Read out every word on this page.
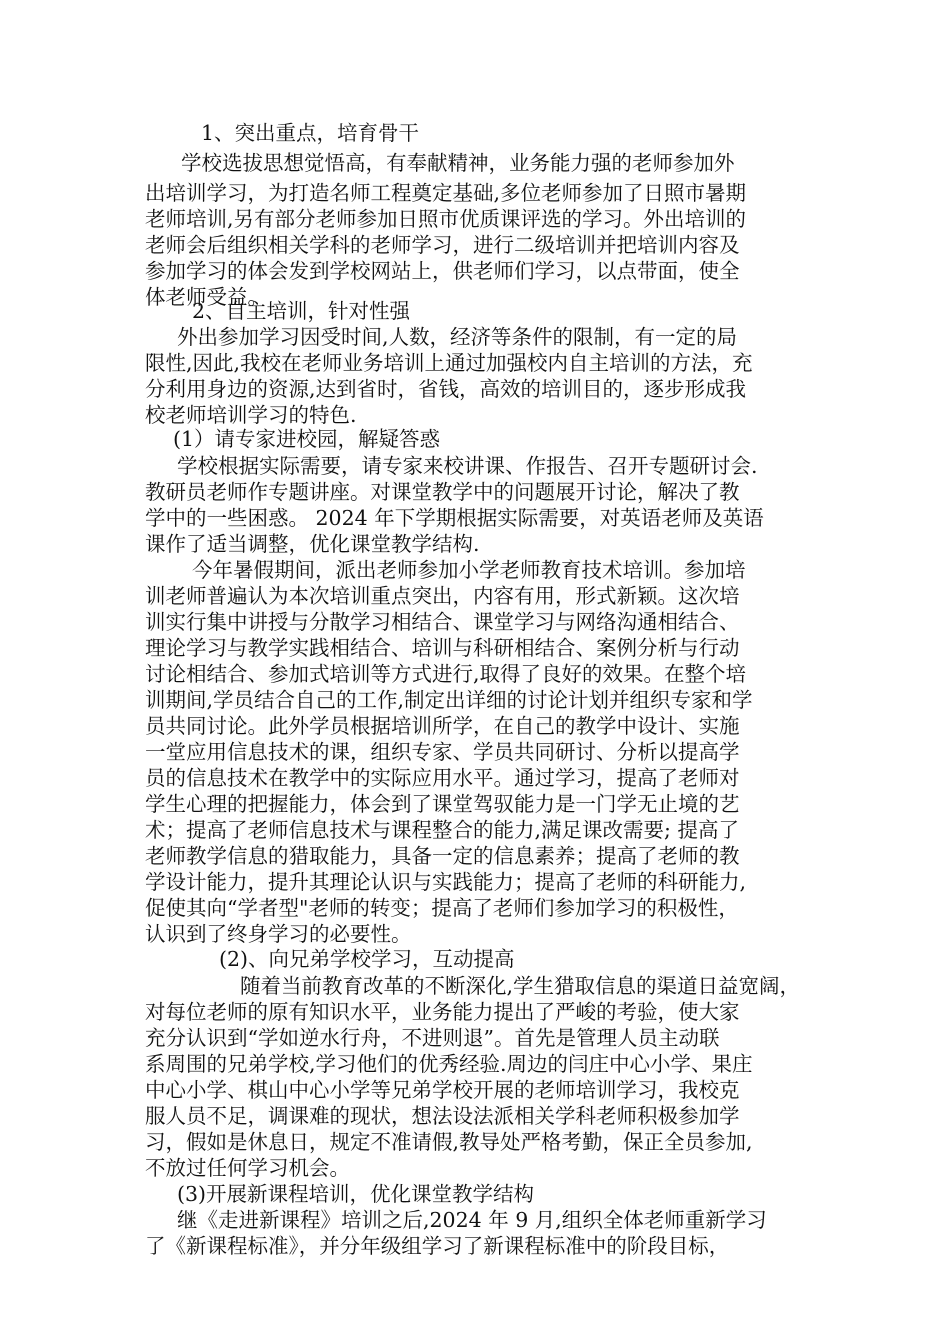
1、突出重点，培育骨干
学校选拔思想觉悟高，有奉献精神，业务能力强的老师参加外
出培训学习，为打造名师工程奠定基础,多位老师参加了日照市暑期
老师培训,另有部分老师参加日照市优质课评选的学习。外出培训的
老师会后组织相关学科的老师学习，进行二级培训并把培训内容及
参加学习的体会发到学校网站上，供老师们学习，以点带面，使全
体老师受益。
2、自主培训，针对性强
外出参加学习因受时间,人数，经济等条件的限制，有一定的局
限性,因此,我校在老师业务培训上通过加强校内自主培训的方法，充
分利用身边的资源,达到省时，省钱，高效的培训目的，逐步形成我
校老师培训学习的特色.
(1）请专家进校园，解疑答惑
学校根据实际需要，请专家来校讲课、作报告、召开专题研讨会.
教研员老师作专题讲座。对课堂教学中的问题展开讨论，解决了教
学中的一些困惑。 2024 年下学期根据实际需要，对英语老师及英语
课作了适当调整，优化课堂教学结构.
今年暑假期间，派出老师参加小学老师教育技术培训。参加培
训老师普遍认为本次培训重点突出，内容有用，形式新颖。这次培
训实行集中讲授与分散学习相结合、课堂学习与网络沟通相结合、
理论学习与教学实践相结合、培训与科研相结合、案例分析与行动
讨论相结合、参加式培训等方式进行,取得了良好的效果。在整个培
训期间,学员结合自己的工作,制定出详细的讨论计划并组织专家和学
员共同讨论。此外学员根据培训所学，在自己的教学中设计、实施
一堂应用信息技术的课，组织专家、学员共同研讨、分析以提高学
员的信息技术在教学中的实际应用水平。通过学习，提高了老师对
学生心理的把握能力，体会到了课堂驾驭能力是一门学无止境的艺
术；提高了老师信息技术与课程整合的能力,满足课改需要; 提高了
老师教学信息的猎取能力，具备一定的信息素养；提高了老师的教
学设计能力，提升其理论认识与实践能力；提高了老师的科研能力,
促使其向“学者型"老师的转变；提高了老师们参加学习的积极性，
认识到了终身学习的必要性。
(2)、向兄弟学校学习，互动提高
随着当前教育改革的不断深化,学生猎取信息的渠道日益宽阔，
对每位老师的原有知识水平，业务能力提出了严峻的考验，使大家
充分认识到“学如逆水行舟，不进则退”。首先是管理人员主动联
系周围的兄弟学校,学习他们的优秀经验.周边的闫庄中心小学、果庄
中心小学、棋山中心小学等兄弟学校开展的老师培训学习，我校克
服人员不足，调课难的现状，想法设法派相关学科老师积极参加学
习，假如是休息日，规定不准请假,教导处严格考勤，保正全员参加,
不放过任何学习机会。
(3)开展新课程培训，优化课堂教学结构
继《走进新课程》培训之后,2024 年 9 月,组织全体老师重新学习
了《新课程标准》，并分年级组学习了新课程标准中的阶段目标，
